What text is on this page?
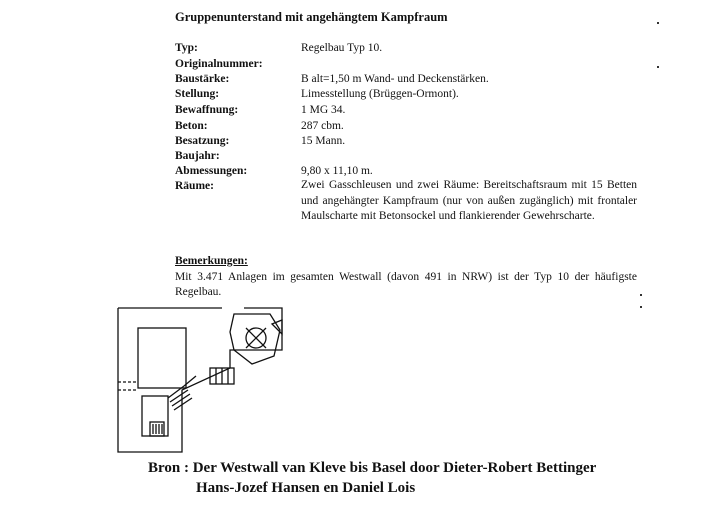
Gruppenunterstand mit angehängtem Kampfraum
Typ:	Regelbau Typ 10.
Originalnummer:
Baustärke:	B alt=1,50 m Wand- und Deckenstärken.
Stellung:	Limesstellung (Brüggen-Ormont).
Bewaffnung:	1 MG 34.
Beton:	287 cbm.
Besatzung:	15 Mann.
Baujahr:
Abmessungen:	9,80 x 11,10 m.
Räume:	Zwei Gasschleusen und zwei Räume: Bereitschaftsraum mit 15 Betten und angehängter Kampfraum (nur von außen zugänglich) mit frontaler Maulscharte mit Betonsockel und flankierender Gewehrscharte.
Bemerkungen:
Mit 3.471 Anlagen im gesamten Westwall (davon 491 in NRW) ist der Typ 10 der häufigste Regelbau.
Bron : Der Westwall van Kleve bis Basel door Dieter-Robert Bettinger
Hans-Jozef Hansen en Daniel Lois
